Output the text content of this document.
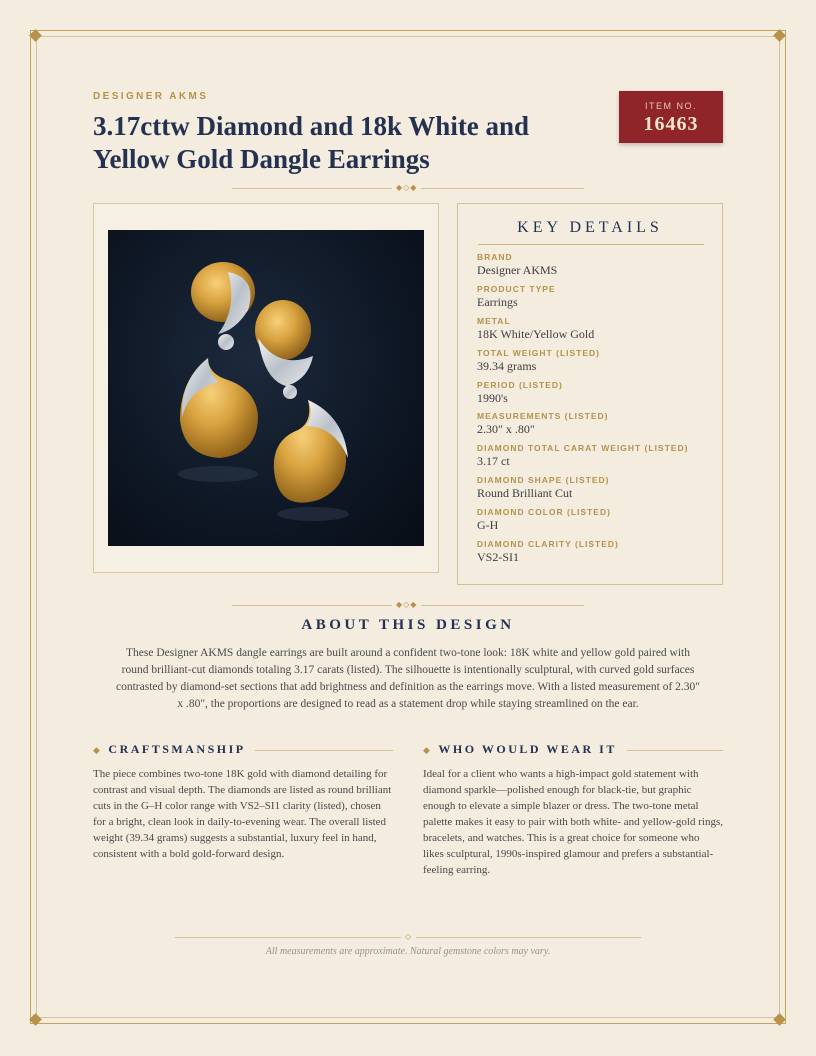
DESIGNER AKMS
3.17cttw Diamond and 18k White and Yellow Gold Dangle Earrings
ITEM NO.
16463
◆◇◆
KEY DETAILS
BRAND
Designer AKMS
PRODUCT TYPE
Earrings
METAL
18K White/Yellow Gold
TOTAL WEIGHT (LISTED)
39.34 grams
PERIOD (LISTED)
1990's
MEASUREMENTS (LISTED)
2.30" x .80"
DIAMOND TOTAL CARAT WEIGHT (LISTED)
3.17 ct
DIAMOND SHAPE (LISTED)
Round Brilliant Cut
DIAMOND COLOR (LISTED)
G-H
DIAMOND CLARITY (LISTED)
VS2-SI1
◆◇◆
ABOUT THIS DESIGN

These Designer AKMS dangle earrings are built around a confident two-tone look: 18K white and yellow gold paired with round brilliant-cut diamonds totaling 3.17 carats (listed). The silhouette is intentionally sculptural, with curved gold surfaces contrasted by diamond-set sections that add brightness and definition as the earrings move. With a listed measurement of 2.30" x .80", the proportions are designed to read as a statement drop while staying streamlined on the ear.

◆ CRAFTSMANSHIP

The piece combines two-tone 18K gold with diamond detailing for contrast and visual depth. The diamonds are listed as round brilliant cuts in the G–H color range with VS2–SI1 clarity (listed), chosen for a bright, clean look in daily-to-evening wear. The overall listed weight (39.34 grams) suggests a substantial, luxury feel in hand, consistent with a bold gold-forward design.

◆ WHO WOULD WEAR IT

Ideal for a client who wants a high-impact gold statement with diamond sparkle—polished enough for black-tie, but graphic enough to elevate a simple blazer or dress. The two-tone metal palette makes it easy to pair with both white- and yellow-gold rings, bracelets, and watches. This is a great choice for someone who likes sculptural, 1990s-inspired glamour and prefers a substantial-feeling earring.

◇
All measurements are approximate. Natural gemstone colors may vary.
